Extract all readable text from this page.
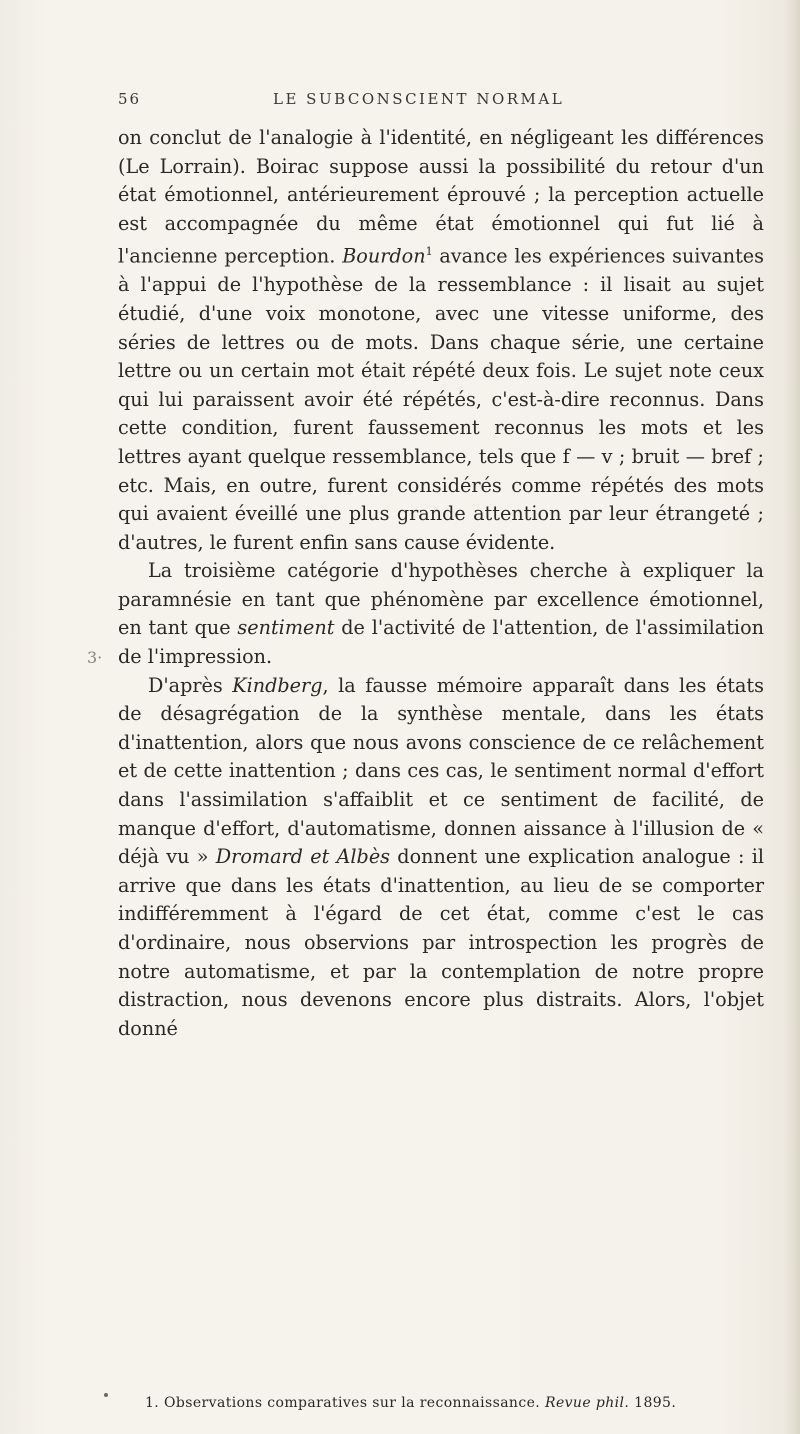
56	LE SUBCONSCIENT NORMAL
3·

on conclut de l'analogie à l'identité, en négligeant les différences (Le Lorrain). Boirac suppose aussi la possibilité du retour d'un état émotionnel, antérieurement éprouvé ; la perception actuelle est accompagnée du même état émotionnel qui fut lié à l'ancienne perception. Bourdon$^1$ avance les expériences suivantes à l'appui de l'hypothèse de la ressemblance : il lisait au sujet étudié, d'une voix monotone, avec une vitesse uniforme, des séries de lettres ou de mots. Dans chaque série, une certaine lettre ou un certain mot était répété deux fois. Le sujet note ceux qui lui paraissent avoir été répétés, c'est-à-dire reconnus. Dans cette condition, furent faussement reconnus les mots et les lettres ayant quelque ressemblance, tels que f — v ; bruit — bref ; etc. Mais, en outre, furent considérés comme répétés des mots qui avaient éveillé une plus grande attention par leur étrangeté ; d'autres, le furent enfin sans cause évidente.

La troisième catégorie d'hypothèses cherche à expliquer la paramnésie en tant que phénomène par excellence émotionnel, en tant que sentiment de l'activité de l'attention, de l'assimilation de l'impression.

D'après Kindberg, la fausse mémoire apparaît dans les états de désagrégation de la synthèse mentale, dans les états d'inattention, alors que nous avons conscience de ce relâchement et de cette inattention ; dans ces cas, le sentiment normal d'effort dans l'assimilation s'affaiblit et ce sentiment de facilité, de manque d'effort, d'automatisme, donnen aissance à l'illusion de « déjà vu » Dromard et Albès donnent une explication analogue : il arrive que dans les états d'inattention, au lieu de se comporter indifféremment à l'égard de cet état, comme c'est le cas d'ordinaire, nous observions par introspection les progrès de notre automatisme, et par la contemplation de notre propre distraction, nous devenons encore plus distraits. Alors, l'objet donné

1. Observations comparatives sur la reconnaissance. Revue phil. 1895.
